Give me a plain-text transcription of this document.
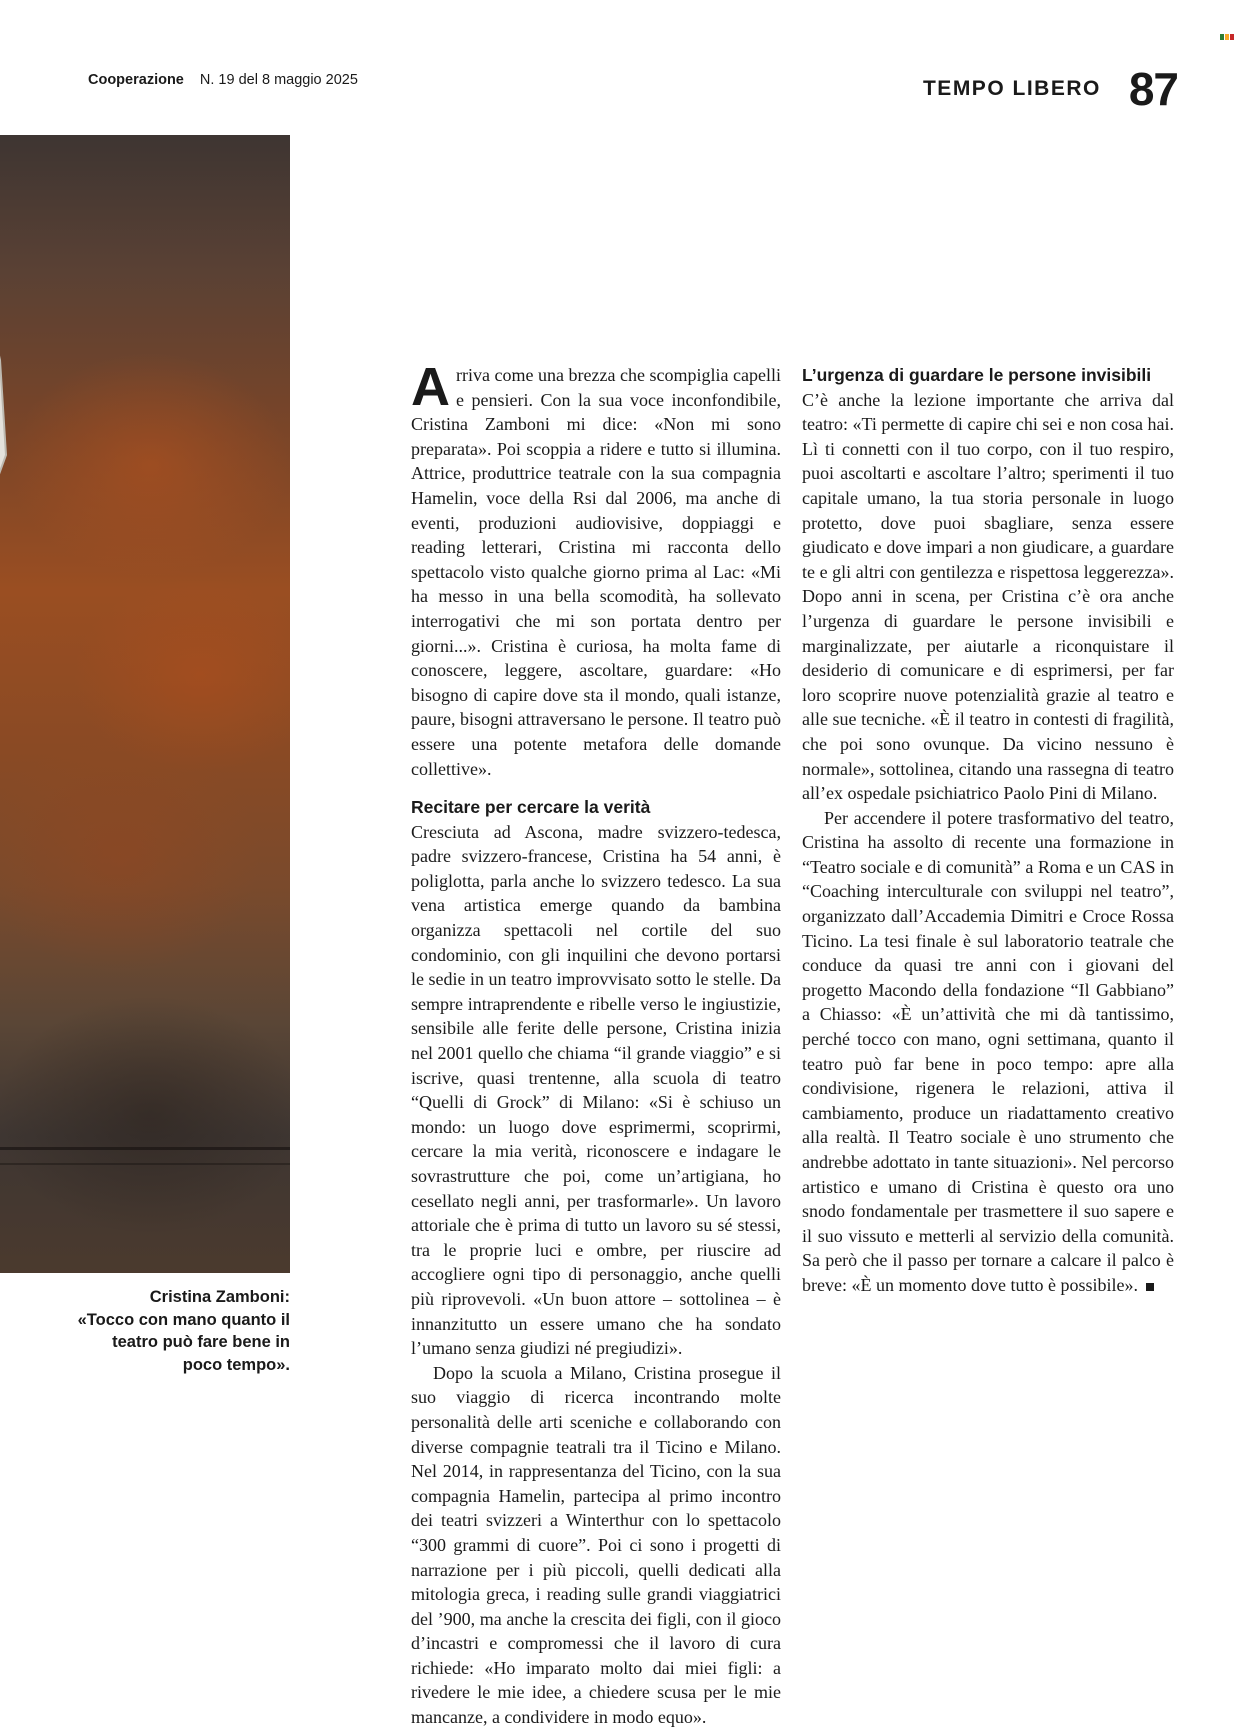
Cooperazione N. 19 del 8 maggio 2025	TEMPO LIBERO 87
Cristina Zamboni:
«Tocco con mano quanto il teatro può fare bene in poco tempo».

Arriva come una brezza che scompiglia capelli e pensieri. Con la sua voce inconfondibile, Cristina Zamboni mi dice: «Non mi sono preparata». Poi scoppia a ridere e tutto si illumina. Attrice, produttrice teatrale con la sua compagnia Hamelin, voce della Rsi dal 2006, ma anche di eventi, produzioni audiovisive, doppiaggi e reading letterari, Cristina mi racconta dello spettacolo visto qualche giorno prima al Lac: «Mi ha messo in una bella scomodità, ha sollevato interrogativi che mi son portata dentro per giorni...». Cristina è curiosa, ha molta fame di conoscere, leggere, ascoltare, guardare: «Ho bisogno di capire dove sta il mondo, quali istanze, paure, bisogni attraversano le persone. Il teatro può essere una potente metafora delle domande collettive».

Recitare per cercare la verità

Cresciuta ad Ascona, madre svizzero-tedesca, padre svizzero-francese, Cristina ha 54 anni, è poliglotta, parla anche lo svizzero tedesco. La sua vena artistica emerge quando da bambina organizza spettacoli nel cortile del suo condominio, con gli inquilini che devono portarsi le sedie in un teatro improvvisato sotto le stelle. Da sempre intraprendente e ribelle verso le ingiustizie, sensibile alle ferite delle persone, Cristina inizia nel 2001 quello che chiama “il grande viaggio” e si iscrive, quasi trentenne, alla scuola di teatro “Quelli di Grock” di Milano: «Si è schiuso un mondo: un luogo dove esprimermi, scoprirmi, cercare la mia verità, riconoscere e indagare le sovrastrutture che poi, come un’artigiana, ho cesellato negli anni, per trasformarle». Un lavoro attoriale che è prima di tutto un lavoro su sé stessi, tra le proprie luci e ombre, per riuscire ad accogliere ogni tipo di personaggio, anche quelli più riprovevoli. «Un buon attore – sottolinea – è innanzitutto un essere umano che ha sondato l’umano senza giudizi né pregiudizi».

Dopo la scuola a Milano, Cristina prosegue il suo viaggio di ricerca incontrando molte personalità delle arti sceniche e collaborando con diverse compagnie teatrali tra il Ticino e Milano. Nel 2014, in rappresentanza del Ticino, con la sua compagnia Hamelin, partecipa al primo incontro dei teatri svizzeri a Winterthur con lo spettacolo “300 grammi di cuore”. Poi ci sono i progetti di narrazione per i più piccoli, quelli dedicati alla mitologia greca, i reading sulle grandi viaggiatrici del ’900, ma anche la crescita dei figli, con il gioco d’incastri e compromessi che il lavoro di cura richiede: «Ho imparato molto dai miei figli: a rivedere le mie idee, a chiedere scusa per le mie mancanze, a condividere in modo equo».

L’urgenza di guardare le persone invisibili

C’è anche la lezione importante che arriva dal teatro: «Ti permette di capire chi sei e non cosa hai. Lì ti connetti con il tuo corpo, con il tuo respiro, puoi ascoltarti e ascoltare l’altro; sperimenti il tuo capitale umano, la tua storia personale in luogo protetto, dove puoi sbagliare, senza essere giudicato e dove impari a non giudicare, a guardare te e gli altri con gentilezza e rispettosa leggerezza». Dopo anni in scena, per Cristina c’è ora anche l’urgenza di guardare le persone invisibili e marginalizzate, per aiutarle a riconquistare il desiderio di comunicare e di esprimersi, per far loro scoprire nuove potenzialità grazie al teatro e alle sue tecniche. «È il teatro in contesti di fragilità, che poi sono ovunque. Da vicino nessuno è normale», sottolinea, citando una rassegna di teatro all’ex ospedale psichiatrico Paolo Pini di Milano.

Per accendere il potere trasformativo del teatro, Cristina ha assolto di recente una formazione in “Teatro sociale e di comunità” a Roma e un CAS in “Coaching interculturale con sviluppi nel teatro”, organizzato dall’Accademia Dimitri e Croce Rossa Ticino. La tesi finale è sul laboratorio teatrale che conduce da quasi tre anni con i giovani del progetto Macondo della fondazione “Il Gabbiano” a Chiasso: «È un’attività che mi dà tantissimo, perché tocco con mano, ogni settimana, quanto il teatro può far bene in poco tempo: apre alla condivisione, rigenera le relazioni, attiva il cambiamento, produce un riadattamento creativo alla realtà. Il Teatro sociale è uno strumento che andrebbe adottato in tante situazioni». Nel percorso artistico e umano di Cristina è questo ora uno snodo fondamentale per trasmettere il suo sapere e il suo vissuto e metterli al servizio della comunità. Sa però che il passo per tornare a calcare il palco è breve: «È un momento dove tutto è possibile».
